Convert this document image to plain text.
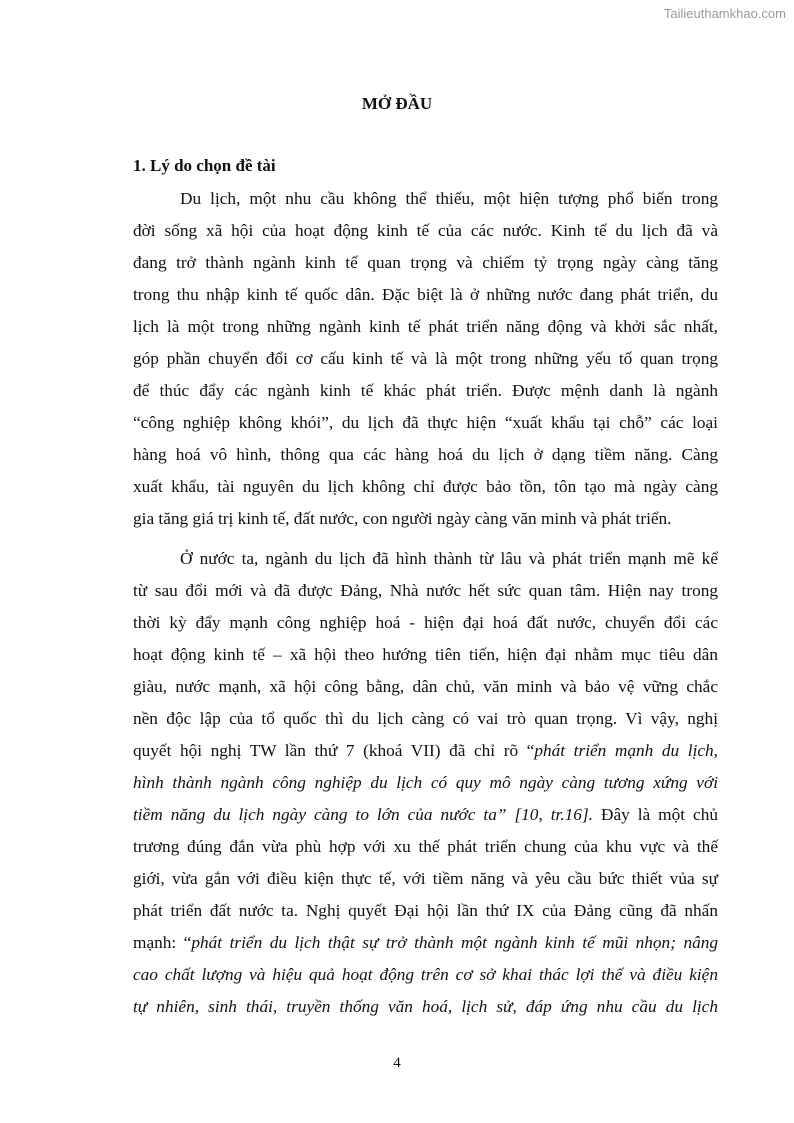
Tailieuthamkhao.com
MỞ ĐẦU
1. Lý do chọn đề tài
Du lịch, một nhu cầu không thể thiếu, một hiện tượng phổ biến trong
đời sống xã hội của hoạt động kinh tế của các nước. Kinh tế du lịch đã và
đang trở thành ngành kinh tế quan trọng và chiếm tỷ trọng ngày càng tăng
trong thu nhập kinh tế quốc dân. Đặc biệt là ở những nước đang phát triển, du
lịch là một trong những ngành kinh tế phát triển năng động và khởi sắc nhất,
góp phần chuyển đổi cơ cấu kinh tế và là một trong những yếu tố quan trọng
để thúc đẩy các ngành kinh tế khác phát triển. Được mệnh danh là ngành
“công nghiệp không khói”, du lịch đã thực hiện “xuất khẩu tại chỗ” các loại
hàng hoá vô hình, thông qua các hàng hoá du lịch ở dạng tiềm năng. Càng
xuất khẩu, tài nguyên du lịch không chỉ được bảo tồn, tôn tạo mà ngày càng
gia tăng giá trị kinh tế, đất nước, con người ngày càng văn minh và phát triển.
Ở nước ta, ngành du lịch đã hình thành từ lâu và phát triển mạnh mẽ kể
từ sau đổi mới và đã được Đảng, Nhà nước hết sức quan tâm. Hiện nay trong
thời kỳ đẩy mạnh công nghiệp hoá - hiện đại hoá đất nước, chuyển đổi các
hoạt động kinh tế – xã hội theo hướng tiên tiến, hiện đại nhằm mục tiêu dân
giàu, nước mạnh, xã hội công bằng, dân chủ, văn minh và bảo vệ vững chắc
nền độc lập của tổ quốc thì du lịch càng có vai trò quan trọng. Vì vậy, nghị
quyết hội nghị TW lần thứ 7 (khoá VII) đã chỉ rõ “phát triển mạnh du lịch,
hình thành ngành công nghiệp du lịch có quy mô ngày càng tương xứng với
tiềm năng du lịch ngày càng to lớn của nước ta” [10, tr.16]. Đây là một chủ
trương đúng đắn vừa phù hợp với xu thế phát triển chung của khu vực và thế
giới, vừa gắn với điều kiện thực tế, với tiềm năng và yêu cầu bức thiết vủa sự
phát triển đất nước ta. Nghị quyết Đại hội lần thứ IX của Đảng cũng đã nhấn
mạnh: “phát triển du lịch thật sự trở thành một ngành kinh tế mũi nhọn; nâng
cao chất lượng và hiệu quả hoạt động trên cơ sở khai thác lợi thế và điều kiện
tự nhiên, sinh thái, truyền thống văn hoá, lịch sử, đáp ứng nhu cầu du lịch
4
